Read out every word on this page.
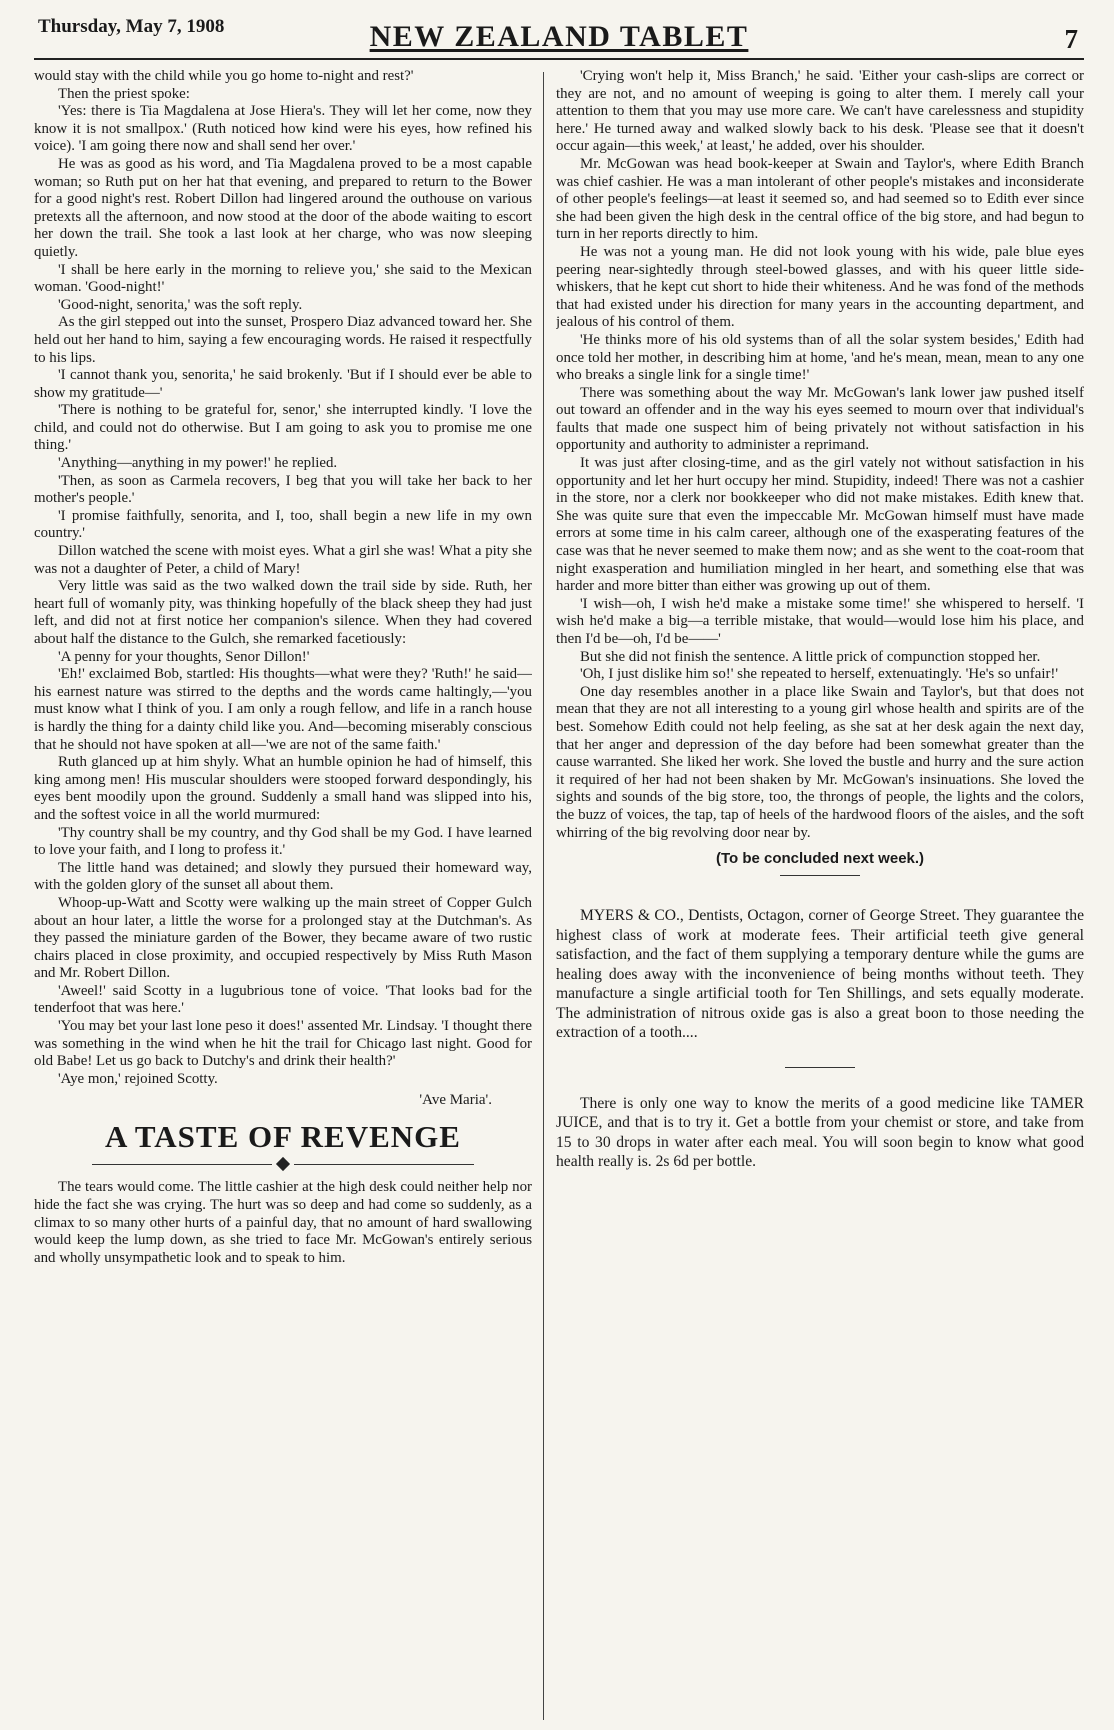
Thursday, May 7, 1908	NEW ZEALAND TABLET	7

would stay with the child while you go home to-night and rest?'

Then the priest spoke:

'Yes: there is Tia Magdalena at Jose Hiera's. They will let her come, now they know it is not smallpox.' (Ruth noticed how kind were his eyes, how refined his voice). 'I am going there now and shall send her over.'

He was as good as his word, and Tia Magdalena proved to be a most capable woman; so Ruth put on her hat that evening, and prepared to return to the Bower for a good night's rest. Robert Dillon had lingered around the outhouse on various pretexts all the afternoon, and now stood at the door of the abode waiting to escort her down the trail. She took a last look at her charge, who was now sleeping quietly.

'I shall be here early in the morning to relieve you,' she said to the Mexican woman. 'Good-night!'

'Good-night, senorita,' was the soft reply.

As the girl stepped out into the sunset, Prospero Diaz advanced toward her. She held out her hand to him, saying a few encouraging words. He raised it respectfully to his lips.

'I cannot thank you, senorita,' he said brokenly. 'But if I should ever be able to show my gratitude—'

'There is nothing to be grateful for, senor,' she interrupted kindly. 'I love the child, and could not do otherwise. But I am going to ask you to promise me one thing.'

'Anything—anything in my power!' he replied.

'Then, as soon as Carmela recovers, I beg that you will take her back to her mother's people.'

'I promise faithfully, senorita, and I, too, shall begin a new life in my own country.'

Dillon watched the scene with moist eyes. What a girl she was! What a pity she was not a daughter of Peter, a child of Mary!

Very little was said as the two walked down the trail side by side. Ruth, her heart full of womanly pity, was thinking hopefully of the black sheep they had just left, and did not at first notice her companion's silence. When they had covered about half the distance to the Gulch, she remarked facetiously:

'A penny for your thoughts, Senor Dillon!'

'Eh!' exclaimed Bob, startled: His thoughts—what were they? 'Ruth!' he said—his earnest nature was stirred to the depths and the words came haltingly,—'you must know what I think of you. I am only a rough fellow, and life in a ranch house is hardly the thing for a dainty child like you. And—becoming miserably conscious that he should not have spoken at all—'we are not of the same faith.'

Ruth glanced up at him shyly. What an humble opinion he had of himself, this king among men! His muscular shoulders were stooped forward despondingly, his eyes bent moodily upon the ground. Suddenly a small hand was slipped into his, and the softest voice in all the world murmured:

'Thy country shall be my country, and thy God shall be my God. I have learned to love your faith, and I long to profess it.'

The little hand was detained; and slowly they pursued their homeward way, with the golden glory of the sunset all about them.

Whoop-up-Watt and Scotty were walking up the main street of Copper Gulch about an hour later, a little the worse for a prolonged stay at the Dutchman's. As they passed the miniature garden of the Bower, they became aware of two rustic chairs placed in close proximity, and occupied respectively by Miss Ruth Mason and Mr. Robert Dillon.

'Aweel!' said Scotty in a lugubrious tone of voice. 'That looks bad for the tenderfoot that was here.'

'You may bet your last lone peso it does!' assented Mr. Lindsay. 'I thought there was something in the wind when he hit the trail for Chicago last night. Good for old Babe! Let us go back to Dutchy's and drink their health?'

'Aye mon,' rejoined Scotty.

'Ave Maria'.
A TASTE OF REVENGE

The tears would come. The little cashier at the high desk could neither help nor hide the fact she was crying. The hurt was so deep and had come so suddenly, as a climax to so many other hurts of a painful day, that no amount of hard swallowing would keep the lump down, as she tried to face Mr. McGowan's entirely serious and wholly unsympathetic look and to speak to him.

'Crying won't help it, Miss Branch,' he said. 'Either your cash-slips are correct or they are not, and no amount of weeping is going to alter them. I merely call your attention to them that you may use more care. We can't have carelessness and stupidity here.' He turned away and walked slowly back to his desk. 'Please see that it doesn't occur again—this week,' at least,' he added, over his shoulder.

Mr. McGowan was head book-keeper at Swain and Taylor's, where Edith Branch was chief cashier. He was a man intolerant of other people's mistakes and inconsiderate of other people's feelings—at least it seemed so, and had seemed so to Edith ever since she had been given the high desk in the central office of the big store, and had begun to turn in her reports directly to him.

He was not a young man. He did not look young with his wide, pale blue eyes peering near-sightedly through steel-bowed glasses, and with his queer little side-whiskers, that he kept cut short to hide their whiteness. And he was fond of the methods that had existed under his direction for many years in the accounting department, and jealous of his control of them.

'He thinks more of his old systems than of all the solar system besides,' Edith had once told her mother, in describing him at home, 'and he's mean, mean, mean to any one who breaks a single link for a single time!'

There was something about the way Mr. McGowan's lank lower jaw pushed itself out toward an offender and in the way his eyes seemed to mourn over that individual's faults that made one suspect him of being privately not without satisfaction in his opportunity and authority to administer a reprimand.

It was just after closing-time, and as the girl vately not without satisfaction in his opportunity and let her hurt occupy her mind. Stupidity, indeed! There was not a cashier in the store, nor a clerk nor bookkeeper who did not make mistakes. Edith knew that. She was quite sure that even the impeccable Mr. McGowan himself must have made errors at some time in his calm career, although one of the exasperating features of the case was that he never seemed to make them now; and as she went to the coat-room that night exasperation and humiliation mingled in her heart, and something else that was harder and more bitter than either was growing up out of them.

'I wish—oh, I wish he'd make a mistake some time!' she whispered to herself. 'I wish he'd make a big—a terrible mistake, that would—would lose him his place, and then I'd be—oh, I'd be——'

But she did not finish the sentence. A little prick of compunction stopped her.

'Oh, I just dislike him so!' she repeated to herself, extenuatingly. 'He's so unfair!'

One day resembles another in a place like Swain and Taylor's, but that does not mean that they are not all interesting to a young girl whose health and spirits are of the best. Somehow Edith could not help feeling, as she sat at her desk again the next day, that her anger and depression of the day before had been somewhat greater than the cause warranted. She liked her work. She loved the bustle and hurry and the sure action it required of her had not been shaken by Mr. McGowan's insinuations. She loved the sights and sounds of the big store, too, the throngs of people, the lights and the colors, the buzz of voices, the tap, tap of heels of the hardwood floors of the aisles, and the soft whirring of the big revolving door near by.

(To be concluded next week.)

MYERS & CO., Dentists, Octagon, corner of George Street. They guarantee the highest class of work at moderate fees. Their artificial teeth give general satisfaction, and the fact of them supplying a temporary denture while the gums are healing does away with the inconvenience of being months without teeth. They manufacture a single artificial tooth for Ten Shillings, and sets equally moderate. The administration of nitrous oxide gas is also a great boon to those needing the extraction of a tooth....

There is only one way to know the merits of a good medicine like TAMER JUICE, and that is to try it. Get a bottle from your chemist or store, and take from 15 to 30 drops in water after each meal. You will soon begin to know what good health really is. 2s 6d per bottle.
